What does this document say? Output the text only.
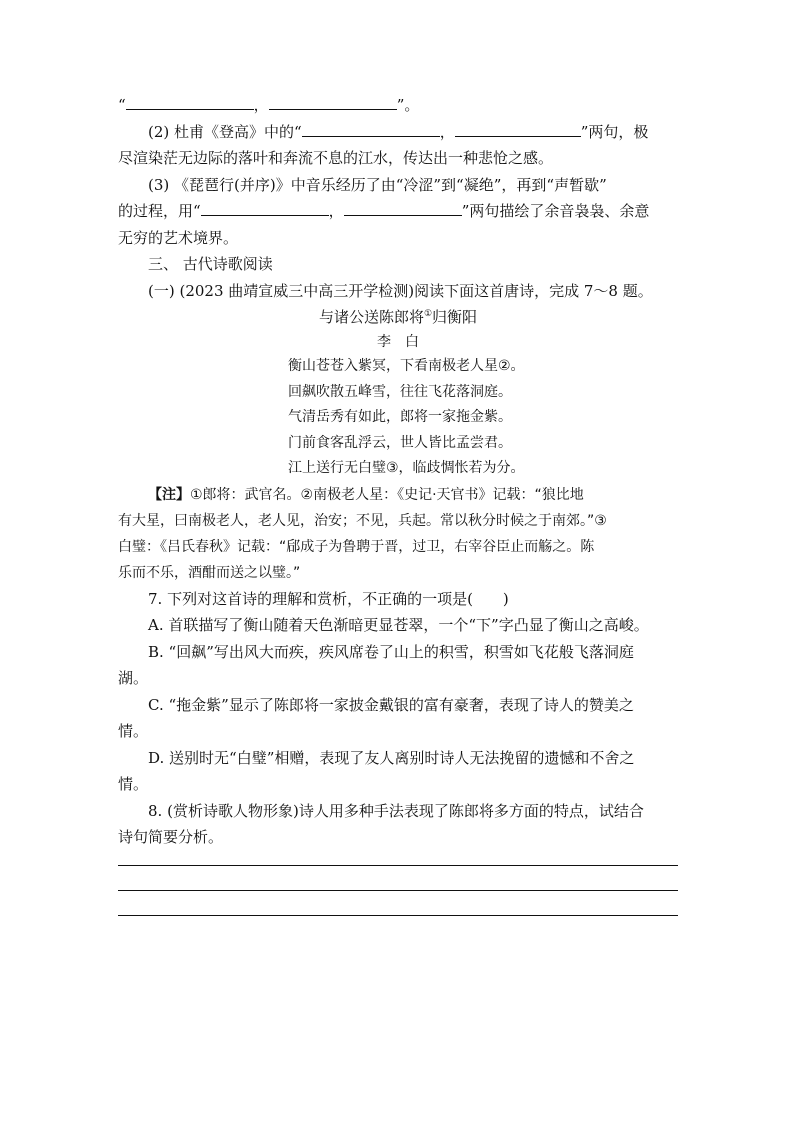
“	，	”。
(2) 杜甫《登高》中的“	，	”两句，极
尽渲染茫无边际的落叶和奔流不息的江水，传达出一种悲怆之感。
(3) 《琵琶行(并序)》中音乐经历了由“冷涩”到“凝绝”，再到“声暂歇”
的过程，用“	，	”两句描绘了余音袅袅、余意
无穷的艺术境界。
三、 古代诗歌阅读
(一) (2023 曲靖宣威三中高三开学检测)阅读下面这首唐诗，完成 7～8 题。
与诸公送陈郎将①归衡阳
李白
衡山苍苍入紫冥，下看南极老人星②。
回飙吹散五峰雪，往往飞花落洞庭。
气清岳秀有如此，郎将一家拖金紫。
门前食客乱浮云，世人皆比孟尝君。
江上送行无白璧③，临歧惆怅若为分。
【注】①郎将：武官名。②南极老人星：《史记·天官书》记载：“狼比地
有大星，曰南极老人，老人见，治安；不见，兵起。常以秋分时候之于南郊。”③
白璧：《吕氏春秋》记载：“郈成子为鲁聘于晋，过卫，右宰谷臣止而觞之。陈
乐而不乐，酒酣而送之以璧。”
7. 下列对这首诗的理解和赏析，不正确的一项是(　　)
A. 首联描写了衡山随着天色渐暗更显苍翠，一个“下”字凸显了衡山之高峻。
B. “回飙”写出风大而疾，疾风席卷了山上的积雪，积雪如飞花般飞落洞庭
湖。
C. “拖金紫”显示了陈郎将一家披金戴银的富有豪奢，表现了诗人的赞美之
情。
D. 送别时无“白璧”相赠，表现了友人离别时诗人无法挽留的遗憾和不舍之
情。
8. (赏析诗歌人物形象)诗人用多种手法表现了陈郎将多方面的特点，试结合
诗句简要分析。
